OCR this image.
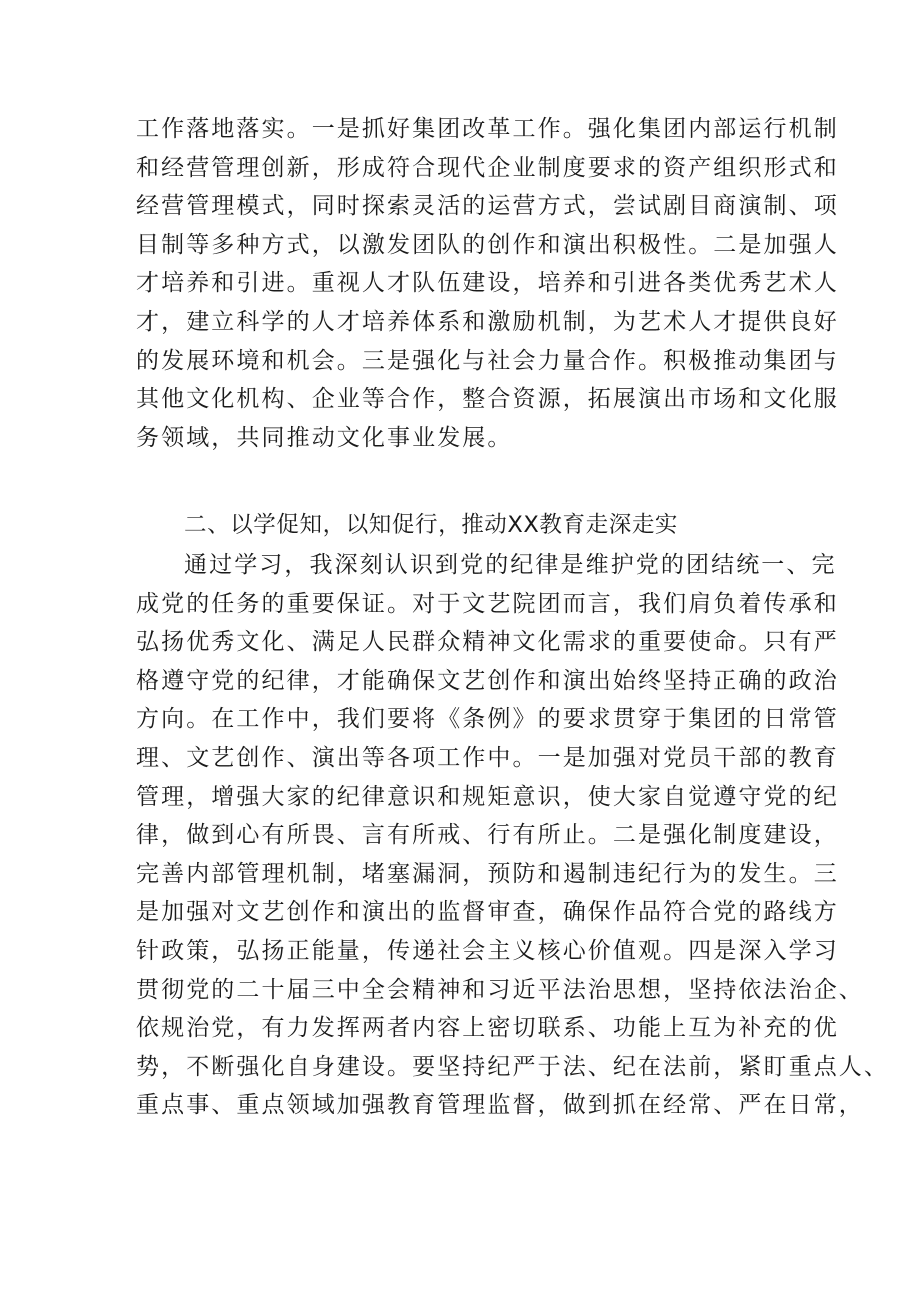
工作落地落实。一是抓好集团改革工作。强化集团内部运行机制
和经营管理创新，形成符合现代企业制度要求的资产组织形式和
经营管理模式，同时探索灵活的运营方式，尝试剧目商演制、项
目制等多种方式，以激发团队的创作和演出积极性。二是加强人
才培养和引进。重视人才队伍建设，培养和引进各类优秀艺术人
才，建立科学的人才培养体系和激励机制，为艺术人才提供良好
的发展环境和机会。三是强化与社会力量合作。积极推动集团与
其他文化机构、企业等合作，整合资源，拓展演出市场和文化服
务领域，共同推动文化事业发展。
二、以学促知，以知促行，推动XX教育走深走实
通过学习，我深刻认识到党的纪律是维护党的团结统一、完
成党的任务的重要保证。对于文艺院团而言，我们肩负着传承和
弘扬优秀文化、满足人民群众精神文化需求的重要使命。只有严
格遵守党的纪律，才能确保文艺创作和演出始终坚持正确的政治
方向。在工作中，我们要将《条例》的要求贯穿于集团的日常管
理、文艺创作、演出等各项工作中。一是加强对党员干部的教育
管理，增强大家的纪律意识和规矩意识，使大家自觉遵守党的纪
律，做到心有所畏、言有所戒、行有所止。二是强化制度建设，
完善内部管理机制，堵塞漏洞，预防和遏制违纪行为的发生。三
是加强对文艺创作和演出的监督审查，确保作品符合党的路线方
针政策，弘扬正能量，传递社会主义核心价值观。四是深入学习
贯彻党的二十届三中全会精神和习近平法治思想，坚持依法治企、
依规治党，有力发挥两者内容上密切联系、功能上互为补充的优
势，不断强化自身建设。要坚持纪严于法、纪在法前，紧盯重点人、
重点事、重点领域加强教育管理监督，做到抓在经常、严在日常，
